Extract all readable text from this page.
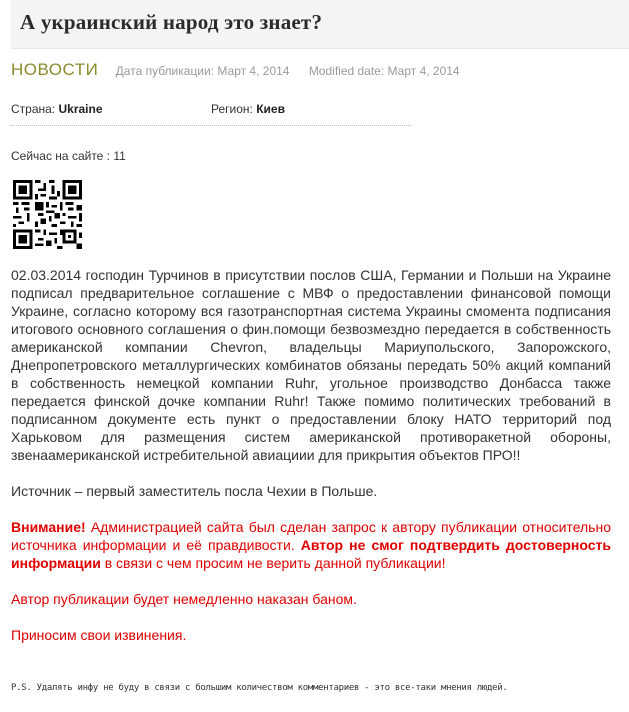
А украинский народ это знает?
НОВОСТИ Дата публикации: Март 4, 2014 Modified date: Март 4, 2014
Страна: Ukraine	Регион: Киев
Сейчас на сайте : 11

02.03.2014 господин Турчинов в присутствии послов США, Германии и Польши на Украине подписал предварительное соглашение с МВФ о предоставлении финансовой помощи Украине, согласно которому вся газотранспортная система Украины смомента подписания итогового основного соглашения о фин.помощи безвозмездно передается в собственность американской компании Chevron, владельцы Мариупольского, Запорожского, Днепропетровского металлургических комбинатов обязаны передать 50% акций компаний в собственность немецкой компании Ruhr, угольное производство Донбасса также передается финской дочке компании Ruhr! Также помимо политических требований в подписанном документе есть пункт о предоставлении блоку НАТО территорий под Харьковом для размещения систем американской противоракетной обороны, звенаамериканской истребительной авиациии для прикрытия объектов ПРО!!

Источник – первый заместитель посла Чехии в Польше.

Внимание! Администрацией сайта был сделан запрос к автору публикации относительно источника информации и её правдивости. Автор не смог подтвердить достоверность информации в связи с чем просим не верить данной публикации!

Автор публикации будет немедленно наказан баном.

Приносим свои извинения.

P.S. Удалять инфу не буду в связи с большим количеством комментариев - это все-таки мнения людей.
